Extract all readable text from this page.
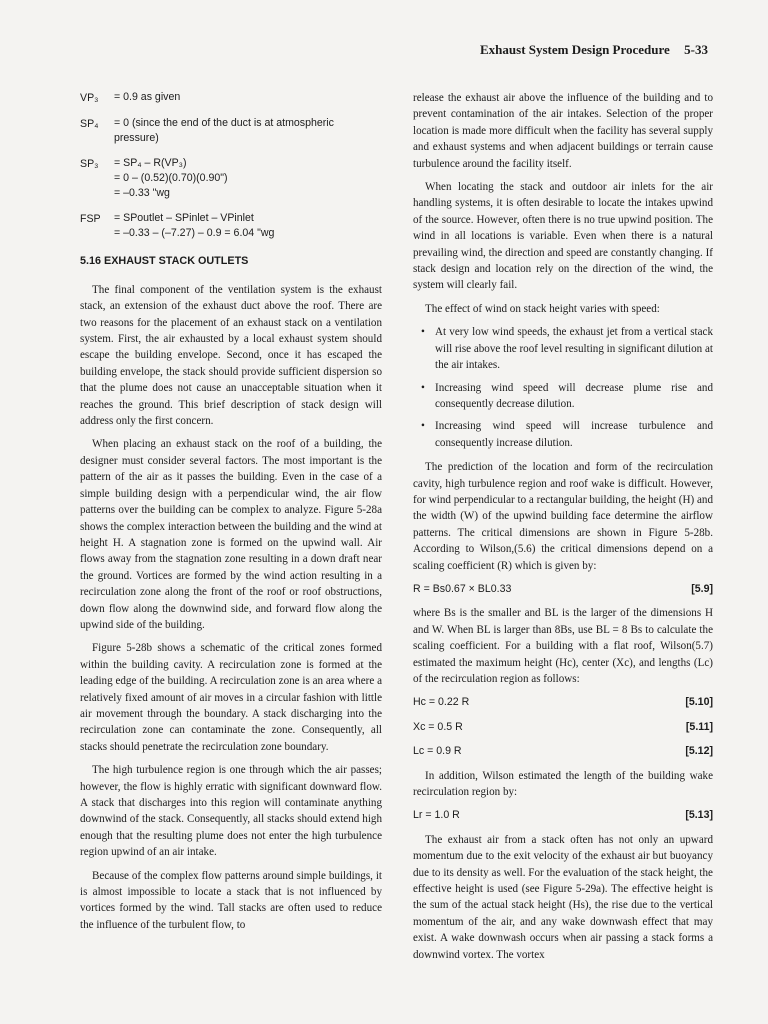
Exhaust System Design Procedure 5-33
VP₃	= 0.9 as given
SP₄	= 0 (since the end of the duct is at atmospheric
pressure)
SP₃	= SP₄ – R(VP₃)
= 0 – (0.52)(0.70)(0.90")
= –0.33 "wg
FSP	= SPoutlet – SPinlet – VPinlet
= –0.33 – (–7.27) – 0.9 = 6.04 "wg
5.16 EXHAUST STACK OUTLETS

The final component of the ventilation system is the exhaust stack, an extension of the exhaust duct above the roof. There are two reasons for the placement of an exhaust stack on a ventilation system. First, the air exhausted by a local exhaust system should escape the building envelope. Second, once it has escaped the building envelope, the stack should provide sufficient dispersion so that the plume does not cause an unacceptable situation when it reaches the ground. This brief description of stack design will address only the first concern.

When placing an exhaust stack on the roof of a building, the designer must consider several factors. The most important is the pattern of the air as it passes the building. Even in the case of a simple building design with a perpendicular wind, the air flow patterns over the building can be complex to analyze. Figure 5-28a shows the complex interaction between the building and the wind at height H. A stagnation zone is formed on the upwind wall. Air flows away from the stagnation zone resulting in a down draft near the ground. Vortices are formed by the wind action resulting in a recirculation zone along the front of the roof or roof obstructions, down flow along the downwind side, and forward flow along the upwind side of the building.

Figure 5-28b shows a schematic of the critical zones formed within the building cavity. A recirculation zone is formed at the leading edge of the building. A recirculation zone is an area where a relatively fixed amount of air moves in a circular fashion with little air movement through the boundary. A stack discharging into the recirculation zone can contaminate the zone. Consequently, all stacks should penetrate the recirculation zone boundary.

The high turbulence region is one through which the air passes; however, the flow is highly erratic with significant downward flow. A stack that discharges into this region will contaminate anything downwind of the stack. Consequently, all stacks should extend high enough that the resulting plume does not enter the high turbulence region upwind of an air intake.

Because of the complex flow patterns around simple buildings, it is almost impossible to locate a stack that is not influenced by vortices formed by the wind. Tall stacks are often used to reduce the influence of the turbulent flow, to

release the exhaust air above the influence of the building and to prevent contamination of the air intakes. Selection of the proper location is made more difficult when the facility has several supply and exhaust systems and when adjacent buildings or terrain cause turbulence around the facility itself.

When locating the stack and outdoor air inlets for the air handling systems, it is often desirable to locate the intakes upwind of the source. However, often there is no true upwind position. The wind in all locations is variable. Even when there is a natural prevailing wind, the direction and speed are constantly changing. If stack design and location rely on the direction of the wind, the system will clearly fail.

The effect of wind on stack height varies with speed:

• At very low wind speeds, the exhaust jet from a vertical stack will rise above the roof level resulting in significant dilution at the air intakes.
• Increasing wind speed will decrease plume rise and consequently decrease dilution.
• Increasing wind speed will increase turbulence and consequently increase dilution.

The prediction of the location and form of the recirculation cavity, high turbulence region and roof wake is difficult. However, for wind perpendicular to a rectangular building, the height (H) and the width (W) of the upwind building face determine the airflow patterns. The critical dimensions are shown in Figure 5-28b. According to Wilson,(5.6) the critical dimensions depend on a scaling coefficient (R) which is given by:

R = Bs0.67 × BL0.33	[5.9]

where Bs is the smaller and BL is the larger of the dimensions H and W. When BL is larger than 8Bs, use BL = 8 Bs to calculate the scaling coefficient. For a building with a flat roof, Wilson(5.7) estimated the maximum height (Hc), center (Xc), and lengths (Lc) of the recirculation region as follows:

Hc = 0.22 R	[5.10]
Xc = 0.5 R	[5.11]
Lc = 0.9 R	[5.12]

In addition, Wilson estimated the length of the building wake recirculation region by:

Lr = 1.0 R	[5.13]

The exhaust air from a stack often has not only an upward momentum due to the exit velocity of the exhaust air but buoyancy due to its density as well. For the evaluation of the stack height, the effective height is used (see Figure 5-29a). The effective height is the sum of the actual stack height (Hs), the rise due to the vertical momentum of the air, and any wake downwash effect that may exist. A wake downwash occurs when air passing a stack forms a downwind vortex. The vortex
